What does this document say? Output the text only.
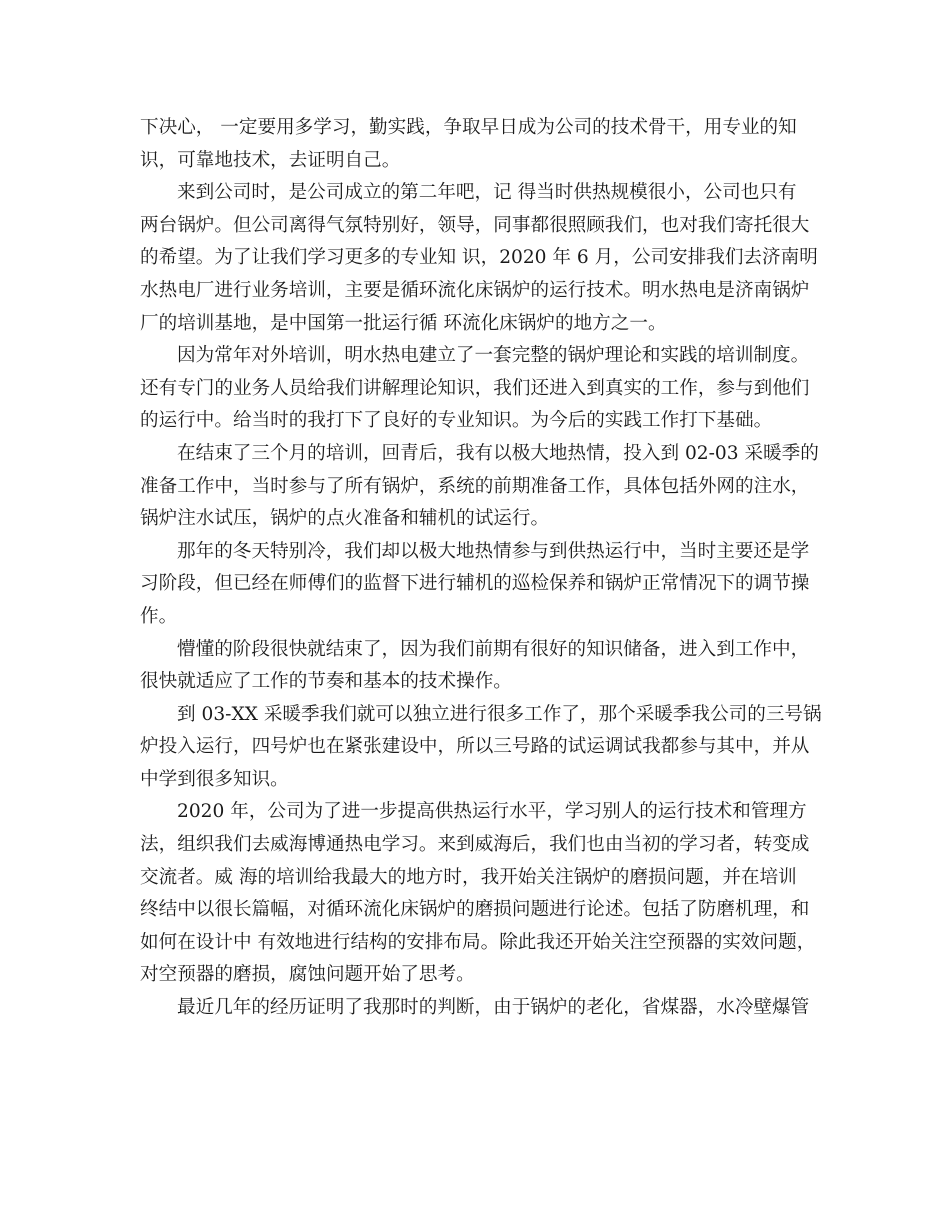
下决心， 一定要用多学习，勤实践，争取早日成为公司的技术骨干，用专业的知
识，可靠地技术，去证明自己。
来到公司时，是公司成立的第二年吧，记 得当时供热规模很小，公司也只有
两台锅炉。但公司离得气氛特别好，领导，同事都很照顾我们，也对我们寄托很大
的希望。为了让我们学习更多的专业知 识，2020 年 6 月，公司安排我们去济南明
水热电厂进行业务培训，主要是循环流化床锅炉的运行技术。明水热电是济南锅炉
厂的培训基地，是中国第一批运行循 环流化床锅炉的地方之一。
因为常年对外培训，明水热电建立了一套完整的锅炉理论和实践的培训制度。
还有专门的业务人员给我们讲解理论知识，我们还进入到真实的工作，参与到他们
的运行中。给当时的我打下了良好的专业知识。为今后的实践工作打下基础。
在结束了三个月的培训，回青后，我有以极大地热情，投入到 02-03 采暖季的
准备工作中，当时参与了所有锅炉，系统的前期准备工作，具体包括外网的注水，
锅炉注水试压，锅炉的点火准备和辅机的试运行。
那年的冬天特别冷，我们却以极大地热情参与到供热运行中，当时主要还是学
习阶段，但已经在师傅们的监督下进行辅机的巡检保养和锅炉正常情况下的调节操
作。
懵懂的阶段很快就结束了，因为我们前期有很好的知识储备，进入到工作中，
很快就适应了工作的节奏和基本的技术操作。
到 03-XX 采暖季我们就可以独立进行很多工作了，那个采暖季我公司的三号锅
炉投入运行，四号炉也在紧张建设中，所以三号路的试运调试我都参与其中，并从
中学到很多知识。
2020 年，公司为了进一步提高供热运行水平，学习别人的运行技术和管理方
法，组织我们去威海博通热电学习。来到威海后，我们也由当初的学习者，转变成
交流者。威 海的培训给我最大的地方时，我开始关注锅炉的磨损问题，并在培训
终结中以很长篇幅，对循环流化床锅炉的磨损问题进行论述。包括了防磨机理，和
如何在设计中 有效地进行结构的安排布局。除此我还开始关注空预器的实效问题，
对空预器的磨损，腐蚀问题开始了思考。
最近几年的经历证明了我那时的判断，由于锅炉的老化，省煤器，水冷壁爆管
